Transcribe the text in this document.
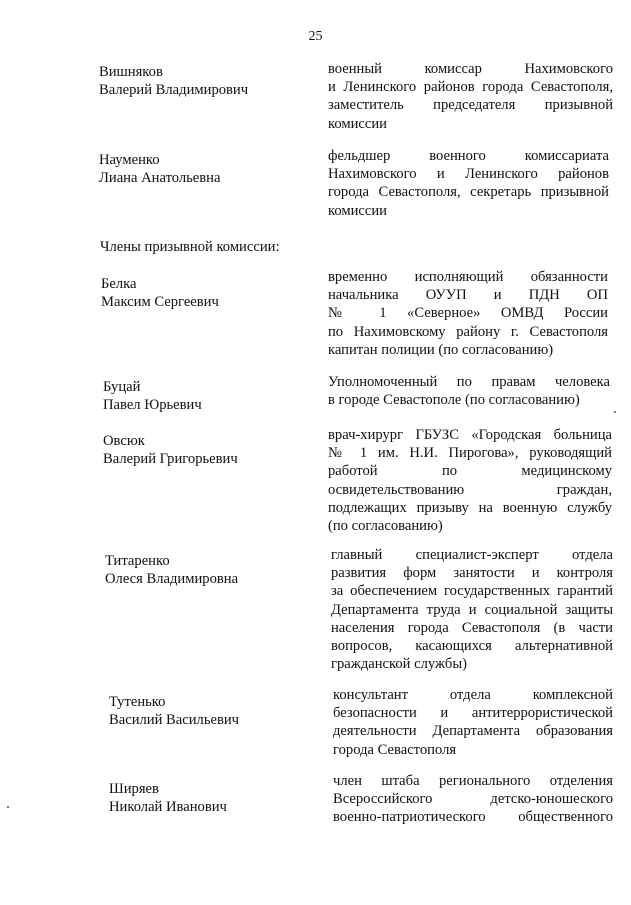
25
Вишняков
Валерий Владимирович
военный комиссар Нахимовского
и Ленинского районов города Севастополя,
заместитель председателя призывной
комиссии
Науменко
Лиана Анатольевна
фельдшер военного комиссариата
Нахимовского и Ленинского районов
города Севастополя, секретарь призывной
комиссии
Члены призывной комиссии:
Белка
Максим Сергеевич
временно исполняющий обязанности
начальника ОУУП и ПДН ОП
№ 1 «Северное» ОМВД России
по Нахимовскому району г. Севастополя
капитан полиции (по согласованию)
Буцай
Павел Юрьевич
Уполномоченный по правам человека
в городе Севастополе (по согласованию)
Овсюк
Валерий Григорьевич
врач-хирург ГБУЗС «Городская больница
№ 1 им. Н.И. Пирогова», руководящий
работой по медицинскому
освидетельствованию граждан,
подлежащих призыву на военную службу
(по согласованию)
Титаренко
Олеся Владимировна
главный специалист-эксперт отдела
развития форм занятости и контроля
за обеспечением государственных гарантий
Департамента труда и социальной защиты
населения города Севастополя (в части
вопросов, касающихся альтернативной
гражданской службы)
Тутенько
Василий Васильевич
консультант отдела комплексной
безопасности и антитеррористической
деятельности Департамента образования
города Севастополя
Ширяев
Николай Иванович
член штаба регионального отделения
Всероссийского детско-юношеского
военно-патриотического общественного
